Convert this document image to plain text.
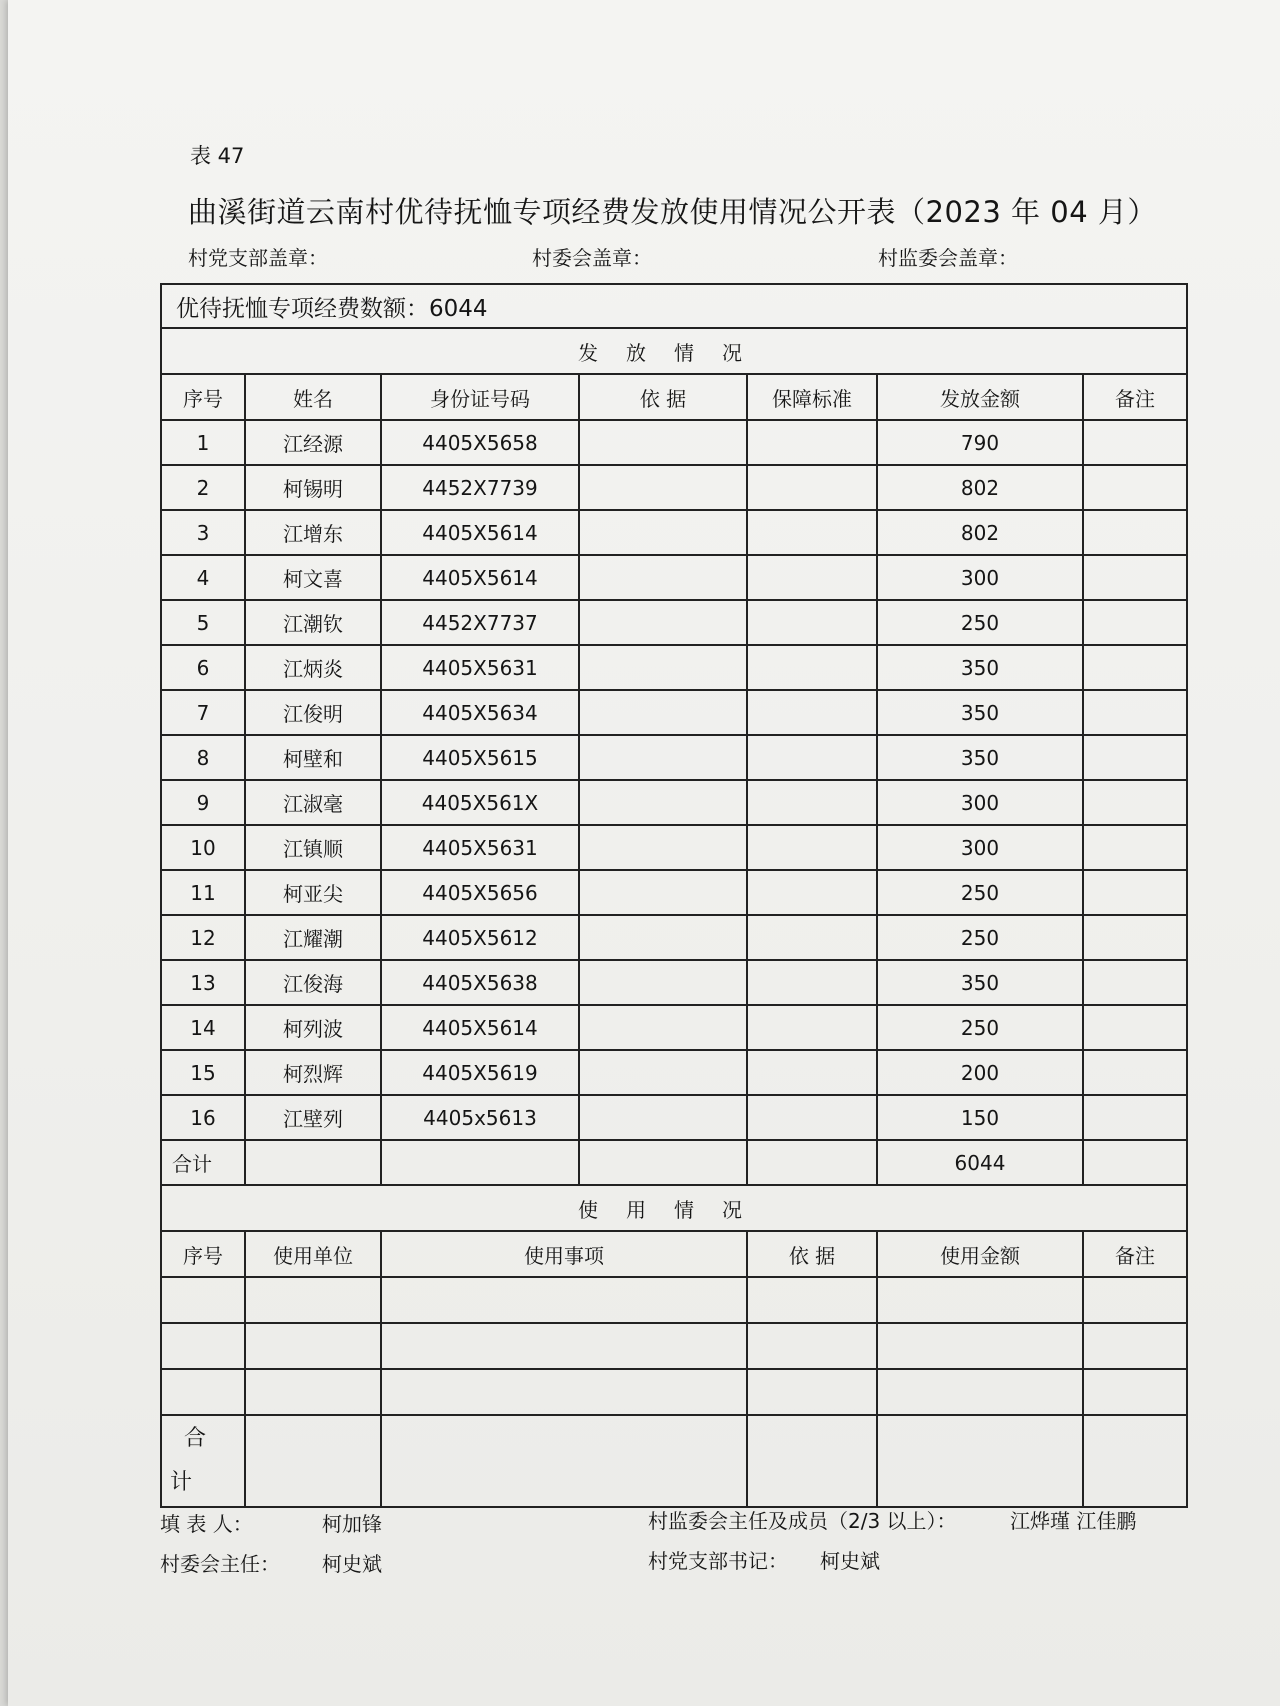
表 47
曲溪街道云南村优待抚恤专项经费发放使用情况公开表（2023 年 04 月）
村党支部盖章：	村委会盖章：	村监委会盖章：
优待抚恤专项经费数额：6044						
发放情况						
序号	姓名	身份证号码	依 据	保障标准	发放金额	备注
1	江经源	4405X5658			790	
2	柯锡明	4452X7739			802	
3	江增东	4405X5614			802	
4	柯文喜	4405X5614			300	
5	江潮钦	4452X7737			250	
6	江炳炎	4405X5631			350	
7	江俊明	4405X5634			350	
8	柯壁和	4405X5615			350	
9	江淑毫	4405X561X			300	
10	江镇顺	4405X5631			300	
11	柯亚尖	4405X5656			250	
12	江耀潮	4405X5612			250	
13	江俊海	4405X5638			350	
14	柯列波	4405X5614			250	
15	柯烈辉	4405X5619			200	
16	江壁列	4405x5613			150	
合计					6044	
使用情况						
序号	使用单位	使用事项		依 据	使用金额	备注

合
计						

填 表 人：	柯加锋
村委会主任： 柯史斌
村监委会主任及成员（2/3 以上）：	江烨瑾 江佳鹏
村党支部书记： 柯史斌
